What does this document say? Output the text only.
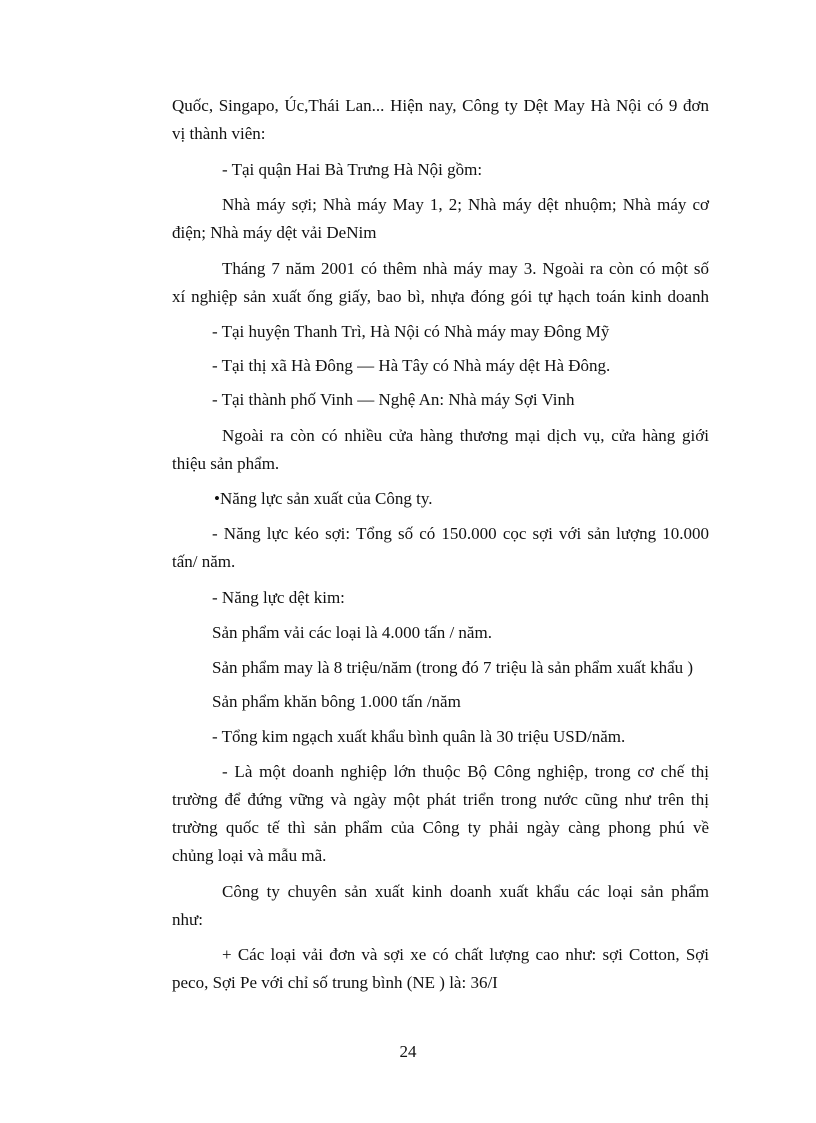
Quốc, Singapo, Úc,Thái Lan... Hiện nay, Công ty Dệt May Hà Nội có 9 đơn
vị thành viên:
- Tại quận Hai Bà Trưng Hà Nội gồm:
Nhà máy sợi; Nhà máy May 1, 2; Nhà máy dệt nhuộm; Nhà máy cơ
điện; Nhà máy dệt vải DeNim
Tháng 7 năm 2001 có thêm nhà máy may 3. Ngoài ra còn có một số
xí nghiệp sản xuất ống giấy, bao bì, nhựa đóng gói tự hạch toán kinh doanh
- Tại huyện Thanh Trì, Hà Nội có Nhà máy may Đông Mỹ
- Tại thị xã Hà Đông — Hà Tây có Nhà máy dệt Hà Đông.
- Tại thành phố Vinh — Nghệ An: Nhà máy Sợi Vinh
Ngoài ra còn có nhiều cửa hàng thương mại dịch vụ, cửa hàng giới
thiệu sản phẩm.
•Năng lực sản xuất của Công ty.
- Năng lực kéo sợi: Tổng số có 150.000 cọc sợi với sản lượng 10.000
tấn/ năm.
- Năng lực dệt kim:
Sản phẩm vải các loại là 4.000 tấn / năm.
Sản phẩm may là 8 triệu/năm (trong đó 7 triệu là sản phẩm xuất khẩu )
Sản phẩm khăn bông 1.000 tấn /năm
- Tổng kim ngạch xuất khẩu bình quân là 30 triệu USD/năm.
- Là một doanh nghiệp lớn thuộc Bộ Công nghiệp, trong cơ chế thị
trường để đứng vững và ngày một phát triển trong nước cũng như trên thị
trường quốc tế thì sản phẩm của Công ty phải ngày càng phong phú về
chủng loại và mẫu mã.
Công ty chuyên sản xuất kinh doanh xuất khẩu các loại sản phẩm
như:
+ Các loại vải đơn và sợi xe có chất lượng cao như: sợi Cotton, Sợi
peco, Sợi Pe với chỉ số trung bình (NE ) là: 36/I
24
